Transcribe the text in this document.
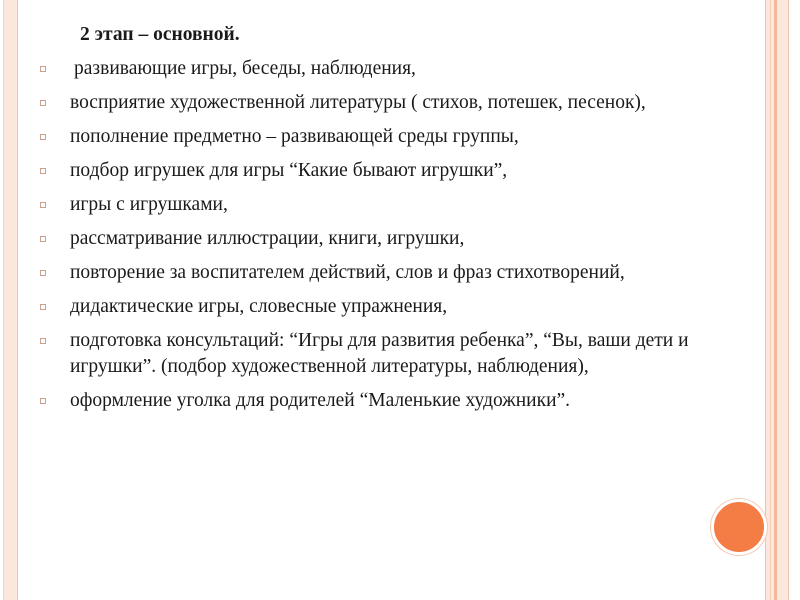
2 этап – основной.
развивающие игры, беседы, наблюдения,
восприятие художественной литературы ( стихов, потешек, песенок),
пополнение предметно – развивающей среды группы,
подбор игрушек для игры “Какие бывают игрушки”,
игры с игрушками,
рассматривание иллюстрации, книги, игрушки,
повторение за воспитателем действий, слов и фраз стихотворений,
дидактические игры, словесные упражнения,
подготовка консультаций: “Игры для развития ребенка”, “Вы, ваши дети и игрушки”. (подбор художественной литературы, наблюдения),
оформление уголка для родителей “Маленькие художники”.
